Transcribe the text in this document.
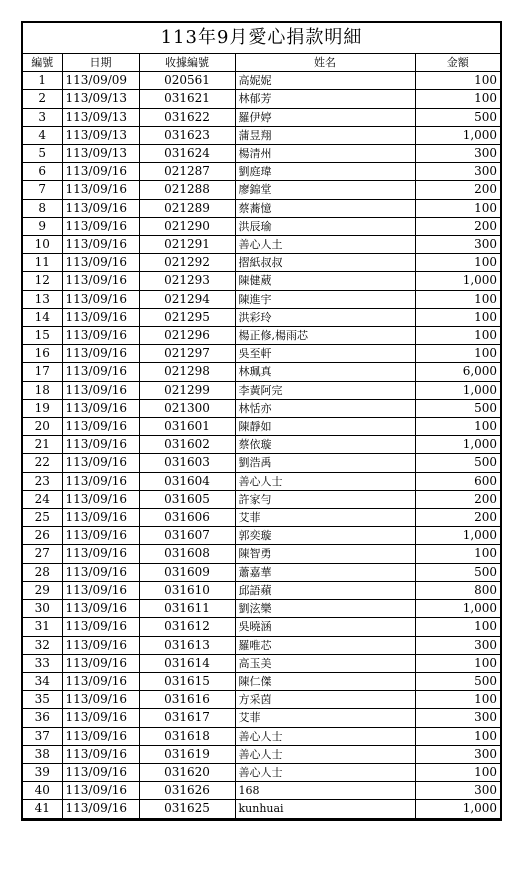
113年9月愛心捐款明細				
編號	日期	收據編號	姓名	金額
1	113/09/09	020561	高妮妮	100
2	113/09/13	031621	林郁芳	100
3	113/09/13	031622	羅伊婷	500
4	113/09/13	031623	蒲昱翔	1,000
5	113/09/13	031624	楊清州	300
6	113/09/16	021287	劉庭瑋	300
7	113/09/16	021288	廖錦堂	200
8	113/09/16	021289	蔡蕎憶	100
9	113/09/16	021290	洪辰瑜	200
10	113/09/16	021291	善心人土	300
11	113/09/16	021292	摺紙叔叔	100
12	113/09/16	021293	陳健葳	1,000
13	113/09/16	021294	陳進宇	100
14	113/09/16	021295	洪彩玲	100
15	113/09/16	021296	楊正修,楊雨芯	100
16	113/09/16	021297	吳至軒	100
17	113/09/16	021298	林珮真	6,000
18	113/09/16	021299	李黃阿完	1,000
19	113/09/16	021300	林恬亦	500
20	113/09/16	031601	陳靜如	100
21	113/09/16	031602	蔡依璇	1,000
22	113/09/16	031603	劉浩禹	500
23	113/09/16	031604	善心人士	600
24	113/09/16	031605	許家勻	200
25	113/09/16	031606	艾菲	200
26	113/09/16	031607	郭奕璇	1,000
27	113/09/16	031608	陳智勇	100
28	113/09/16	031609	蕭嘉華	500
29	113/09/16	031610	邱語蘋	800
30	113/09/16	031611	劉泫樂	1,000
31	113/09/16	031612	吳曉涵	100
32	113/09/16	031613	羅唯芯	300
33	113/09/16	031614	高玉美	100
34	113/09/16	031615	陳仁傑	500
35	113/09/16	031616	方采茵	100
36	113/09/16	031617	艾菲	300
37	113/09/16	031618	善心人士	100
38	113/09/16	031619	善心人士	300
39	113/09/16	031620	善心人士	100
40	113/09/16	031626	168	300
41	113/09/16	031625	kunhuai	1,000
